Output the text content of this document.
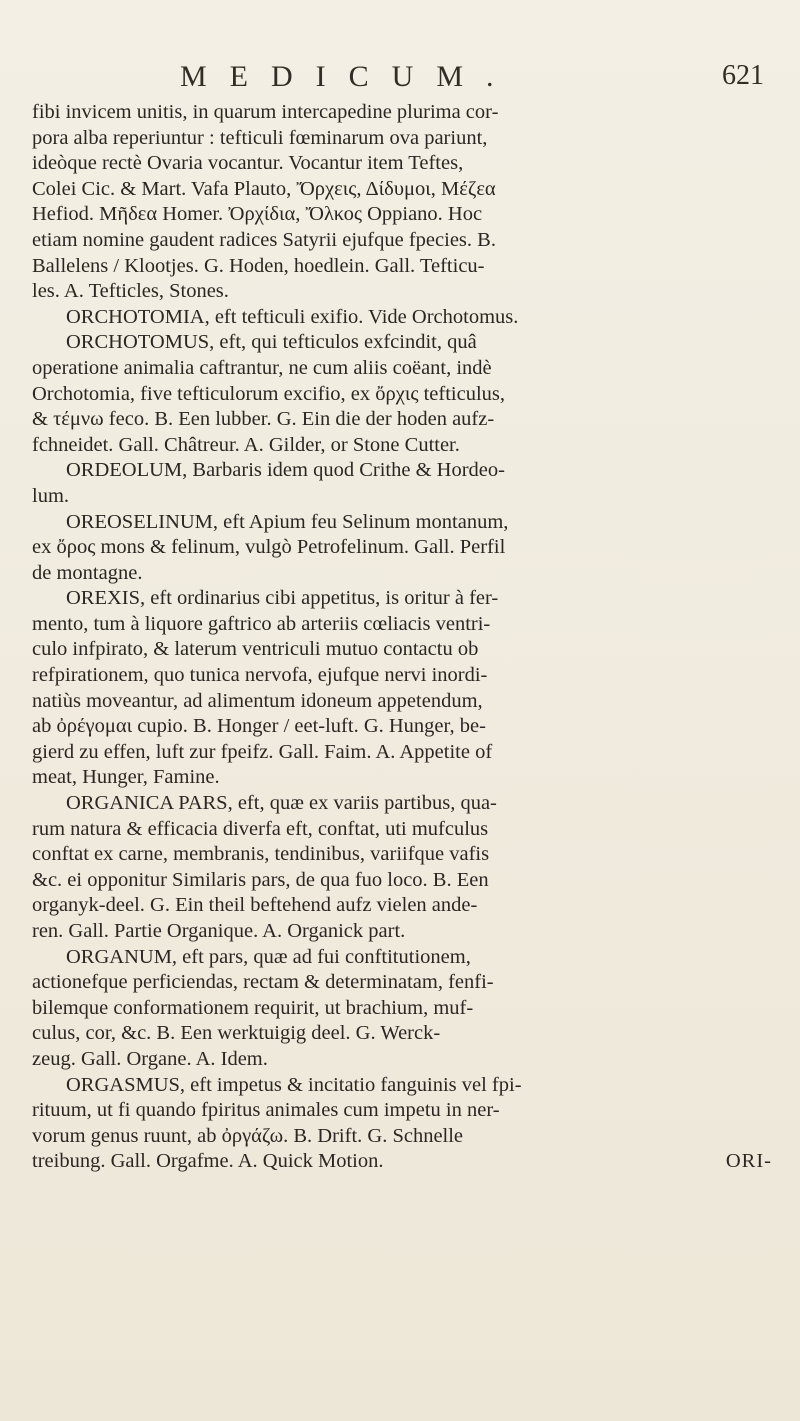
MEDICUM.	621
fibi invicem unitis, in quarum intercapedine plurima cor-
pora alba reperiuntur : tefticuli fœminarum ova pariunt,
ideòque rectè Ovaria vocantur. Vocantur item Teftes,
Colei Cic. & Mart. Vafa Plauto, Ὄρχεις, Δίδυμοι, Μέζεα
Hefiod. Μῆδεα Homer. Ὀρχίδια, Ὄλκος Oppiano. Hoc
etiam nomine gaudent radices Satyrii ejufque fpecies. B.
Ballelens / Klootjes. G. Hoden, hoedlein. Gall. Tefticu-
les. A. Tefticles, Stones.
ORCHOTOMIA, eft tefticuli exifio. Vide Orchotomus.
ORCHOTOMUS, eft, qui tefticulos exfcindit, quâ
operatione animalia caftrantur, ne cum aliis coëant, indè
Orchotomia, five tefticulorum excifio, ex ὄρχις tefticulus,
& τέμνω feco. B. Een lubber. G. Ein die der hoden aufz-
fchneidet. Gall. Châtreur. A. Gilder, or Stone Cutter.
ORDEOLUM, Barbaris idem quod Crithe & Hordeo-
lum.
OREOSELINUM, eft Apium feu Selinum montanum,
ex ὄρος mons & felinum, vulgò Petrofelinum. Gall. Perfil
de montagne.
OREXIS, eft ordinarius cibi appetitus, is oritur à fer-
mento, tum à liquore gaftrico ab arteriis cœliacis ventri-
culo infpirato, & laterum ventriculi mutuo contactu ob
refpirationem, quo tunica nervofa, ejufque nervi inordi-
natiùs moveantur, ad alimentum idoneum appetendum,
ab ὀρέγομαι cupio. B. Honger / eet-luft. G. Hunger, be-
gierd zu effen, luft zur fpeifz. Gall. Faim. A. Appetite of
meat, Hunger, Famine.
ORGANICA PARS, eft, quæ ex variis partibus, qua-
rum natura & efficacia diverfa eft, conftat, uti mufculus
conftat ex carne, membranis, tendinibus, variifque vafis
&c. ei opponitur Similaris pars, de qua fuo loco. B. Een
organyk-deel. G. Ein theil beftehend aufz vielen ande-
ren. Gall. Partie Organique. A. Organick part.
ORGANUM, eft pars, quæ ad fui conftitutionem,
actionefque perficiendas, rectam & determinatam, fenfi-
bilemque conformationem requirit, ut brachium, muf-
culus, cor, &c. B. Een werktuigig deel. G. Werck-
zeug. Gall. Organe. A. Idem.
ORGASMUS, eft impetus & incitatio fanguinis vel fpi-
rituum, ut fi quando fpiritus animales cum impetu in ner-
vorum genus ruunt, ab ὀργάζω. B. Drift. G. Schnelle
treibung. Gall. Orgafme. A. Quick Motion.	ORI-
